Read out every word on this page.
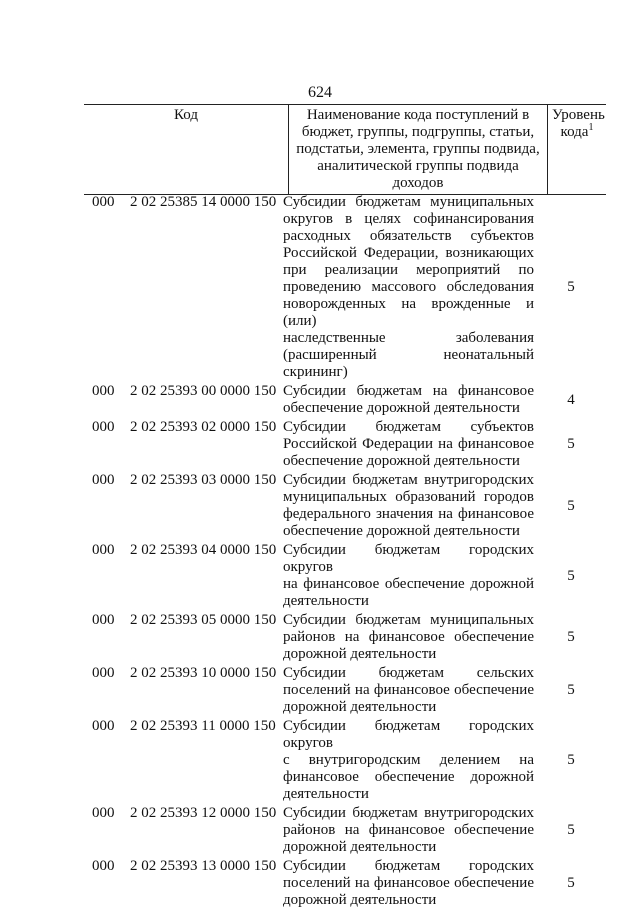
624
Код	Наименование кода поступлений в
бюджет, группы, подгруппы, статьи,
подстатьи, элемента, группы подвида,
аналитической группы подвида доходов
	Уровень
кода$^1$
000 2 02 25385 14 0000 150 Субсидии бюджетам муниципальных
округов в целях софинансирования
расходных обязательств субъектов
Российской Федерации, возникающих
при реализации мероприятий по
проведению массового обследования
новорожденных на врожденные и (или)
наследственные заболевания
(расширенный неонатальный скрининг)
5
000 2 02 25393 00 0000 150 Субсидии бюджетам на финансовое
обеспечение дорожной деятельности
4
000 2 02 25393 02 0000 150 Субсидии бюджетам субъектов
Российской Федерации на финансовое
обеспечение дорожной деятельности
5
000 2 02 25393 03 0000 150 Субсидии бюджетам внутригородских
муниципальных образований городов
федерального значения на финансовое
обеспечение дорожной деятельности
5
000 2 02 25393 04 0000 150 Субсидии бюджетам городских округов
на финансовое обеспечение дорожной
деятельности
5
000 2 02 25393 05 0000 150 Субсидии бюджетам муниципальных
районов на финансовое обеспечение
дорожной деятельности
5
000 2 02 25393 10 0000 150 Субсидии бюджетам сельских
поселений на финансовое обеспечение
дорожной деятельности
5
000 2 02 25393 11 0000 150 Субсидии бюджетам городских округов
с внутригородским делением на
финансовое обеспечение дорожной
деятельности
5
000 2 02 25393 12 0000 150 Субсидии бюджетам внутригородских
районов на финансовое обеспечение
дорожной деятельности
5
000 2 02 25393 13 0000 150 Субсидии бюджетам городских
поселений на финансовое обеспечение
дорожной деятельности
5
